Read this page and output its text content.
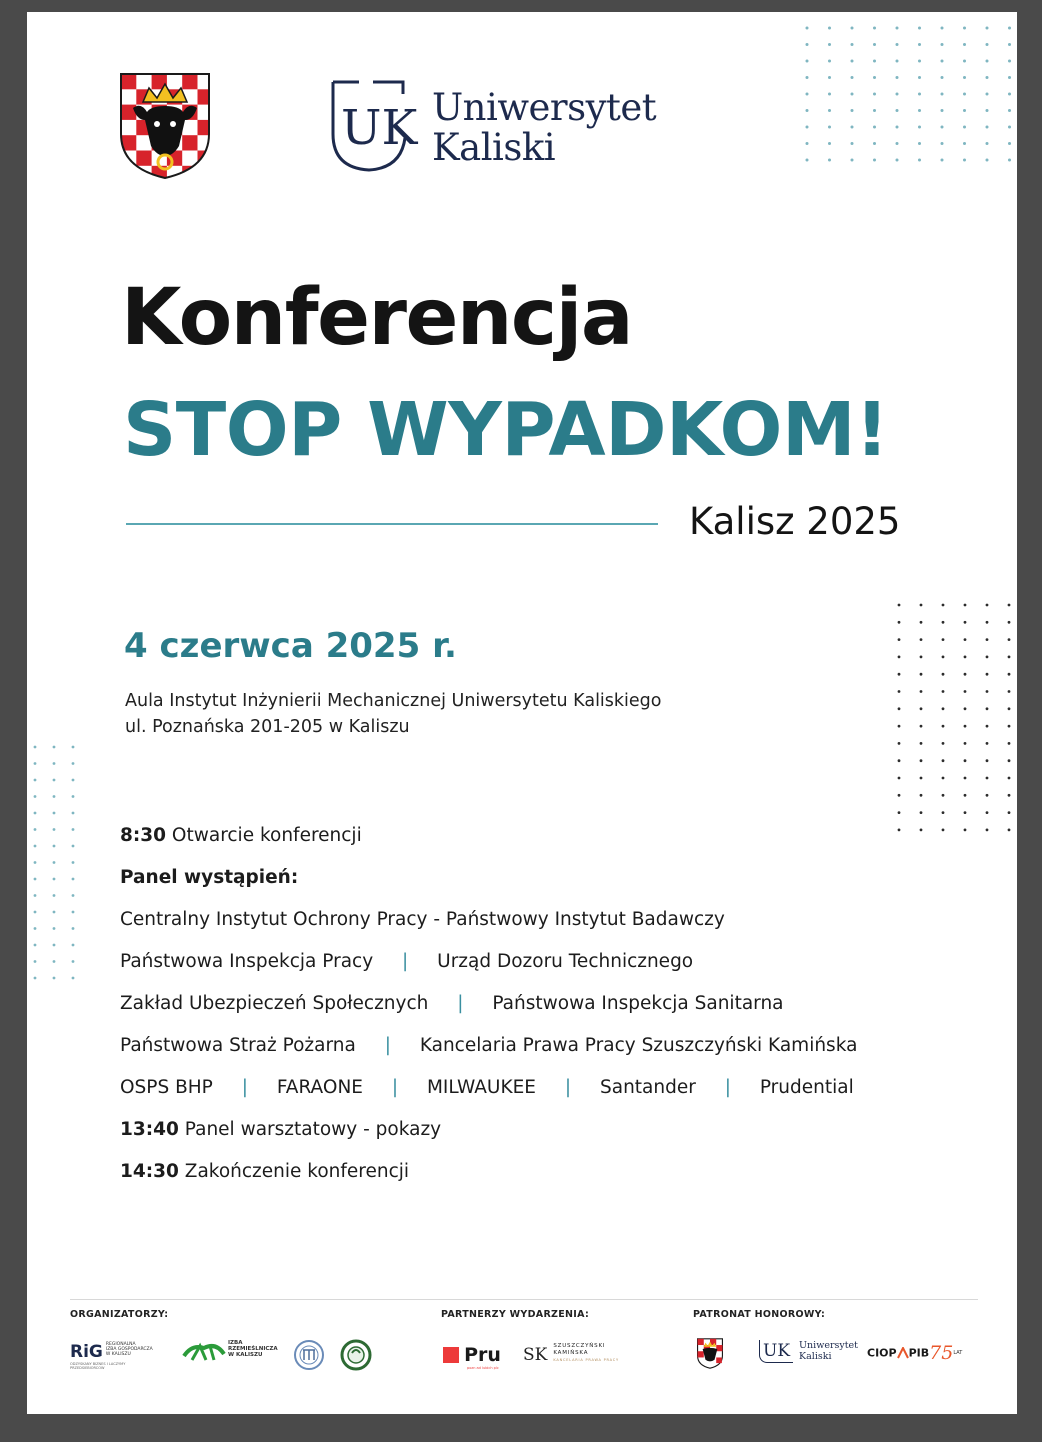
UK Uniwersytet
Kaliski
Konferencja
STOP WYPADKOM!
Kalisz 2025
4 czerwca 2025 r.
Aula Instytut Inżynierii Mechanicznej Uniwersytetu Kaliskiego
ul. Poznańska 201-205 w Kaliszu
8:30 Otwarcie konferencji
Panel wystąpień:
Centralny Instytut Ochrony Pracy - Państwowy Instytut Badawczy
Państwowa Inspekcja Pracy | Urząd Dozoru Technicznego
Zakład Ubezpieczeń Społecznych | Państwowa Inspekcja Sanitarna
Państwowa Straż Pożarna | Kancelaria Prawa Pracy Szuszczyński Kamińska
OSPS BHP | FARAONE | MILWAUKEE | Santander | Prudential
13:40 Panel warsztatowy - pokazy
14:30 Zakończenie konferencji
ORGANIZATORZY:	PARTNERZY WYDARZENIA:	PATRONAT HONOROWY:
RiG REGIONALNA
IZBA GOSPODARCZA
W KALISZU
ODZYSKANY BIZNES I LACZYMY PRZEDSIEBIORCOW
IZBA
RZEMIEŚLNICZA
W KALISZU	Pru
pozn ad lubich plc
SK SZUSZCZYŃSKI
KAMIŃSKA
KANCELARIA PRAWA PRACY	UK Uniwersytet
Kaliski	CIOP PIB75LAT
